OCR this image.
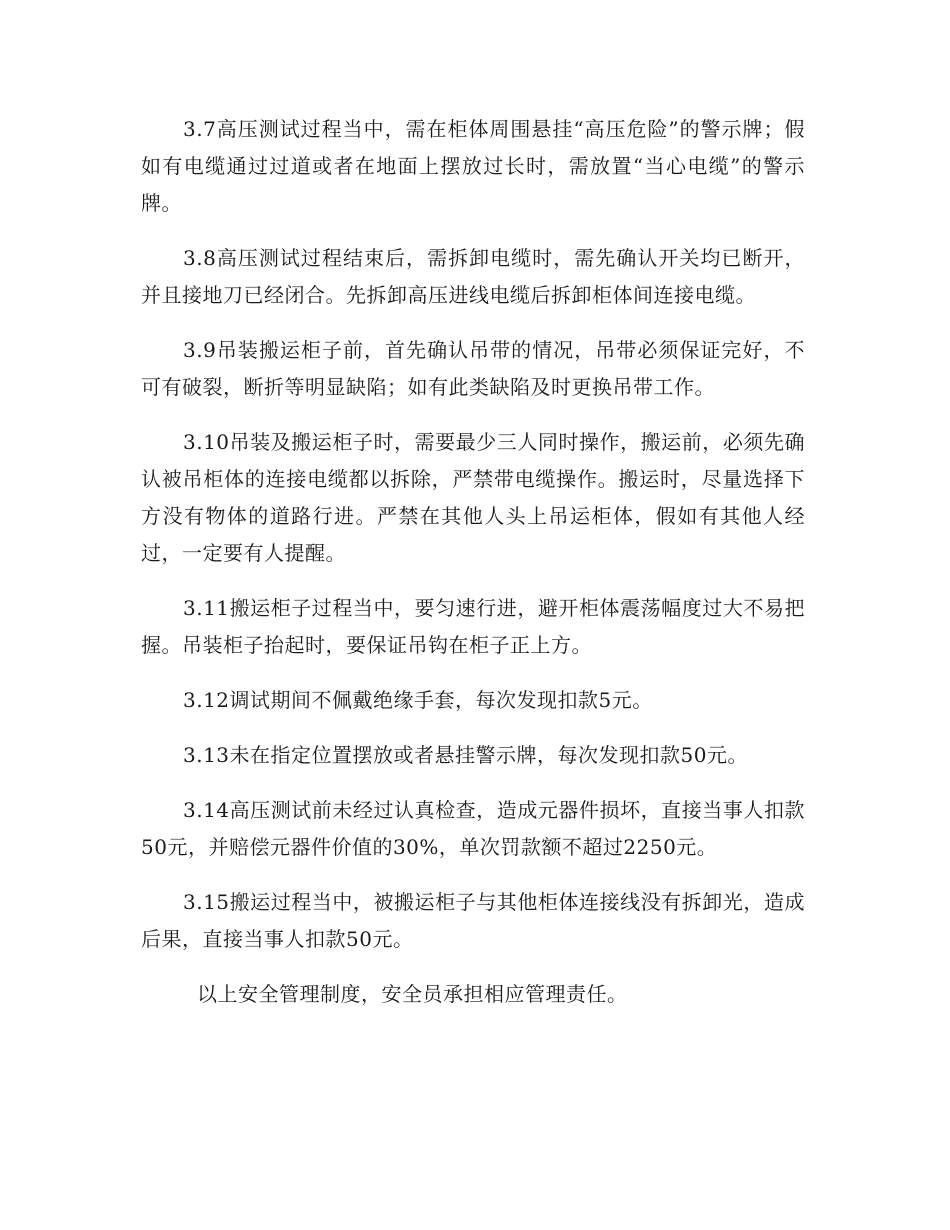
3.7高压测试过程当中，需在柜体周围悬挂“高压危险”的警示牌；假如有电缆通过过道或者在地面上摆放过长时，需放置“当心电缆”的警示牌。

3.8高压测试过程结束后，需拆卸电缆时，需先确认开关均已断开，并且接地刀已经闭合。先拆卸高压进线电缆后拆卸柜体间连接电缆。

3.9吊装搬运柜子前，首先确认吊带的情况，吊带必须保证完好，不可有破裂，断折等明显缺陷；如有此类缺陷及时更换吊带工作。

3.10吊装及搬运柜子时，需要最少三人同时操作，搬运前，必须先确认被吊柜体的连接电缆都以拆除，严禁带电缆操作。搬运时，尽量选择下方没有物体的道路行进。严禁在其他人头上吊运柜体，假如有其他人经过，一定要有人提醒。

3.11搬运柜子过程当中，要匀速行进，避开柜体震荡幅度过大不易把握。吊装柜子抬起时，要保证吊钩在柜子正上方。

3.12调试期间不佩戴绝缘手套，每次发现扣款5元。

3.13未在指定位置摆放或者悬挂警示牌，每次发现扣款50元。

3.14高压测试前未经过认真检查，造成元器件损坏，直接当事人扣款50元，并赔偿元器件价值的30%，单次罚款额不超过2250元。

3.15搬运过程当中，被搬运柜子与其他柜体连接线没有拆卸光，造成后果，直接当事人扣款50元。

以上安全管理制度，安全员承担相应管理责任。
